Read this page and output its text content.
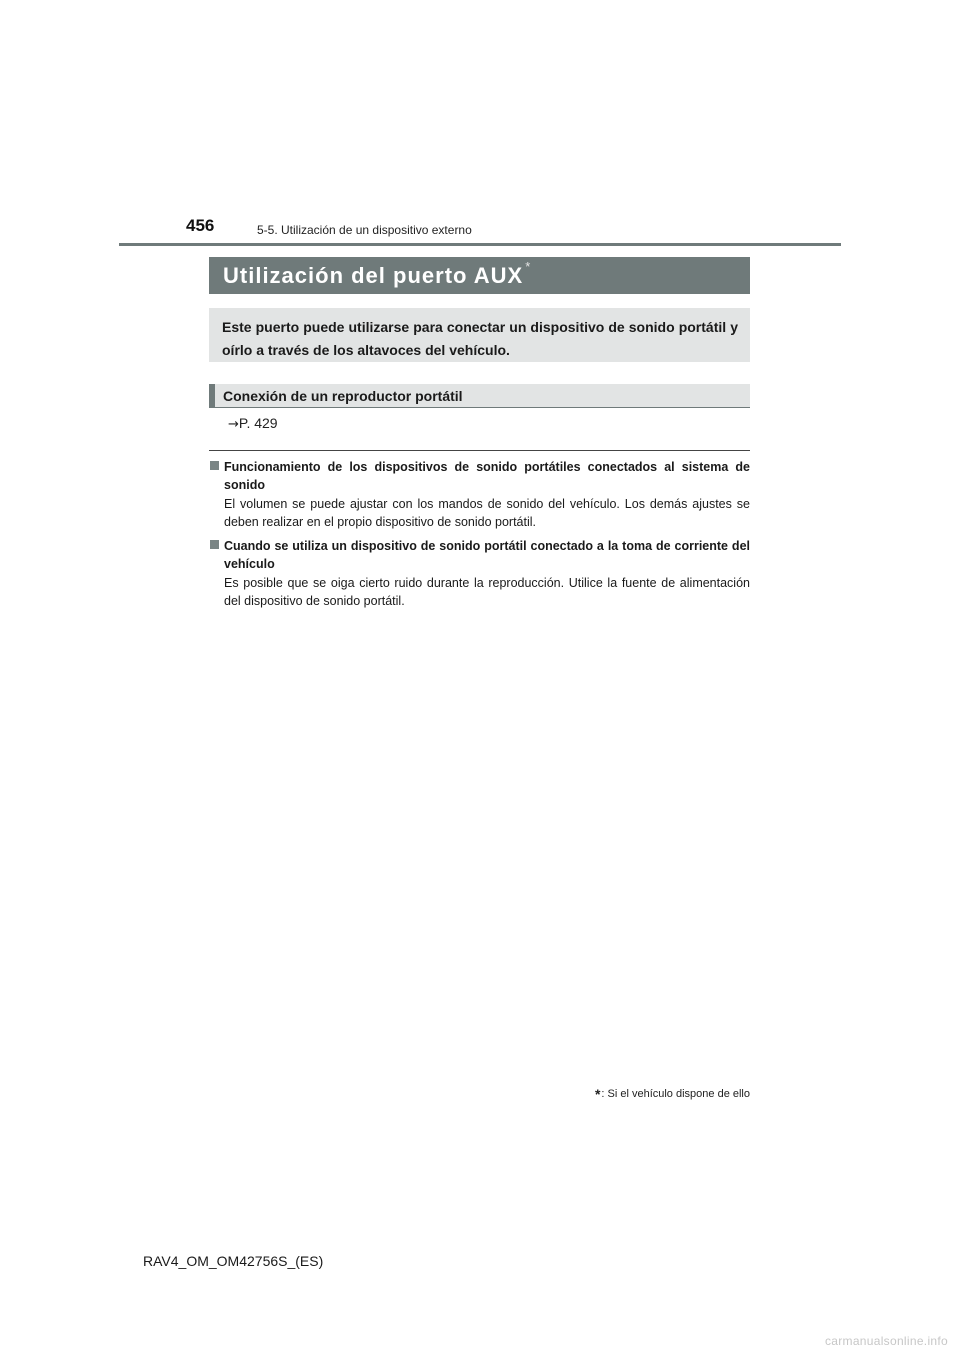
456	5-5. Utilización de un dispositivo externo
Utilización del puerto AUX *

Este puerto puede utilizarse para conectar un dispositivo de sonido portátil y oírlo a través de los altavoces del vehículo.

Conexión de un reproductor portátil
→P. 429
Funcionamiento de los dispositivos de sonido portátiles conectados al sistema de sonido
El volumen se puede ajustar con los mandos de sonido del vehículo. Los demás ajustes se deben realizar en el propio dispositivo de sonido portátil.
Cuando se utiliza un dispositivo de sonido portátil conectado a la toma de corriente del vehículo
Es posible que se oiga cierto ruido durante la reproducción. Utilice la fuente de alimentación del dispositivo de sonido portátil.
* : Si el vehículo dispone de ello
RAV4_OM_OM42756S_(ES)
carmanualsonline.info
